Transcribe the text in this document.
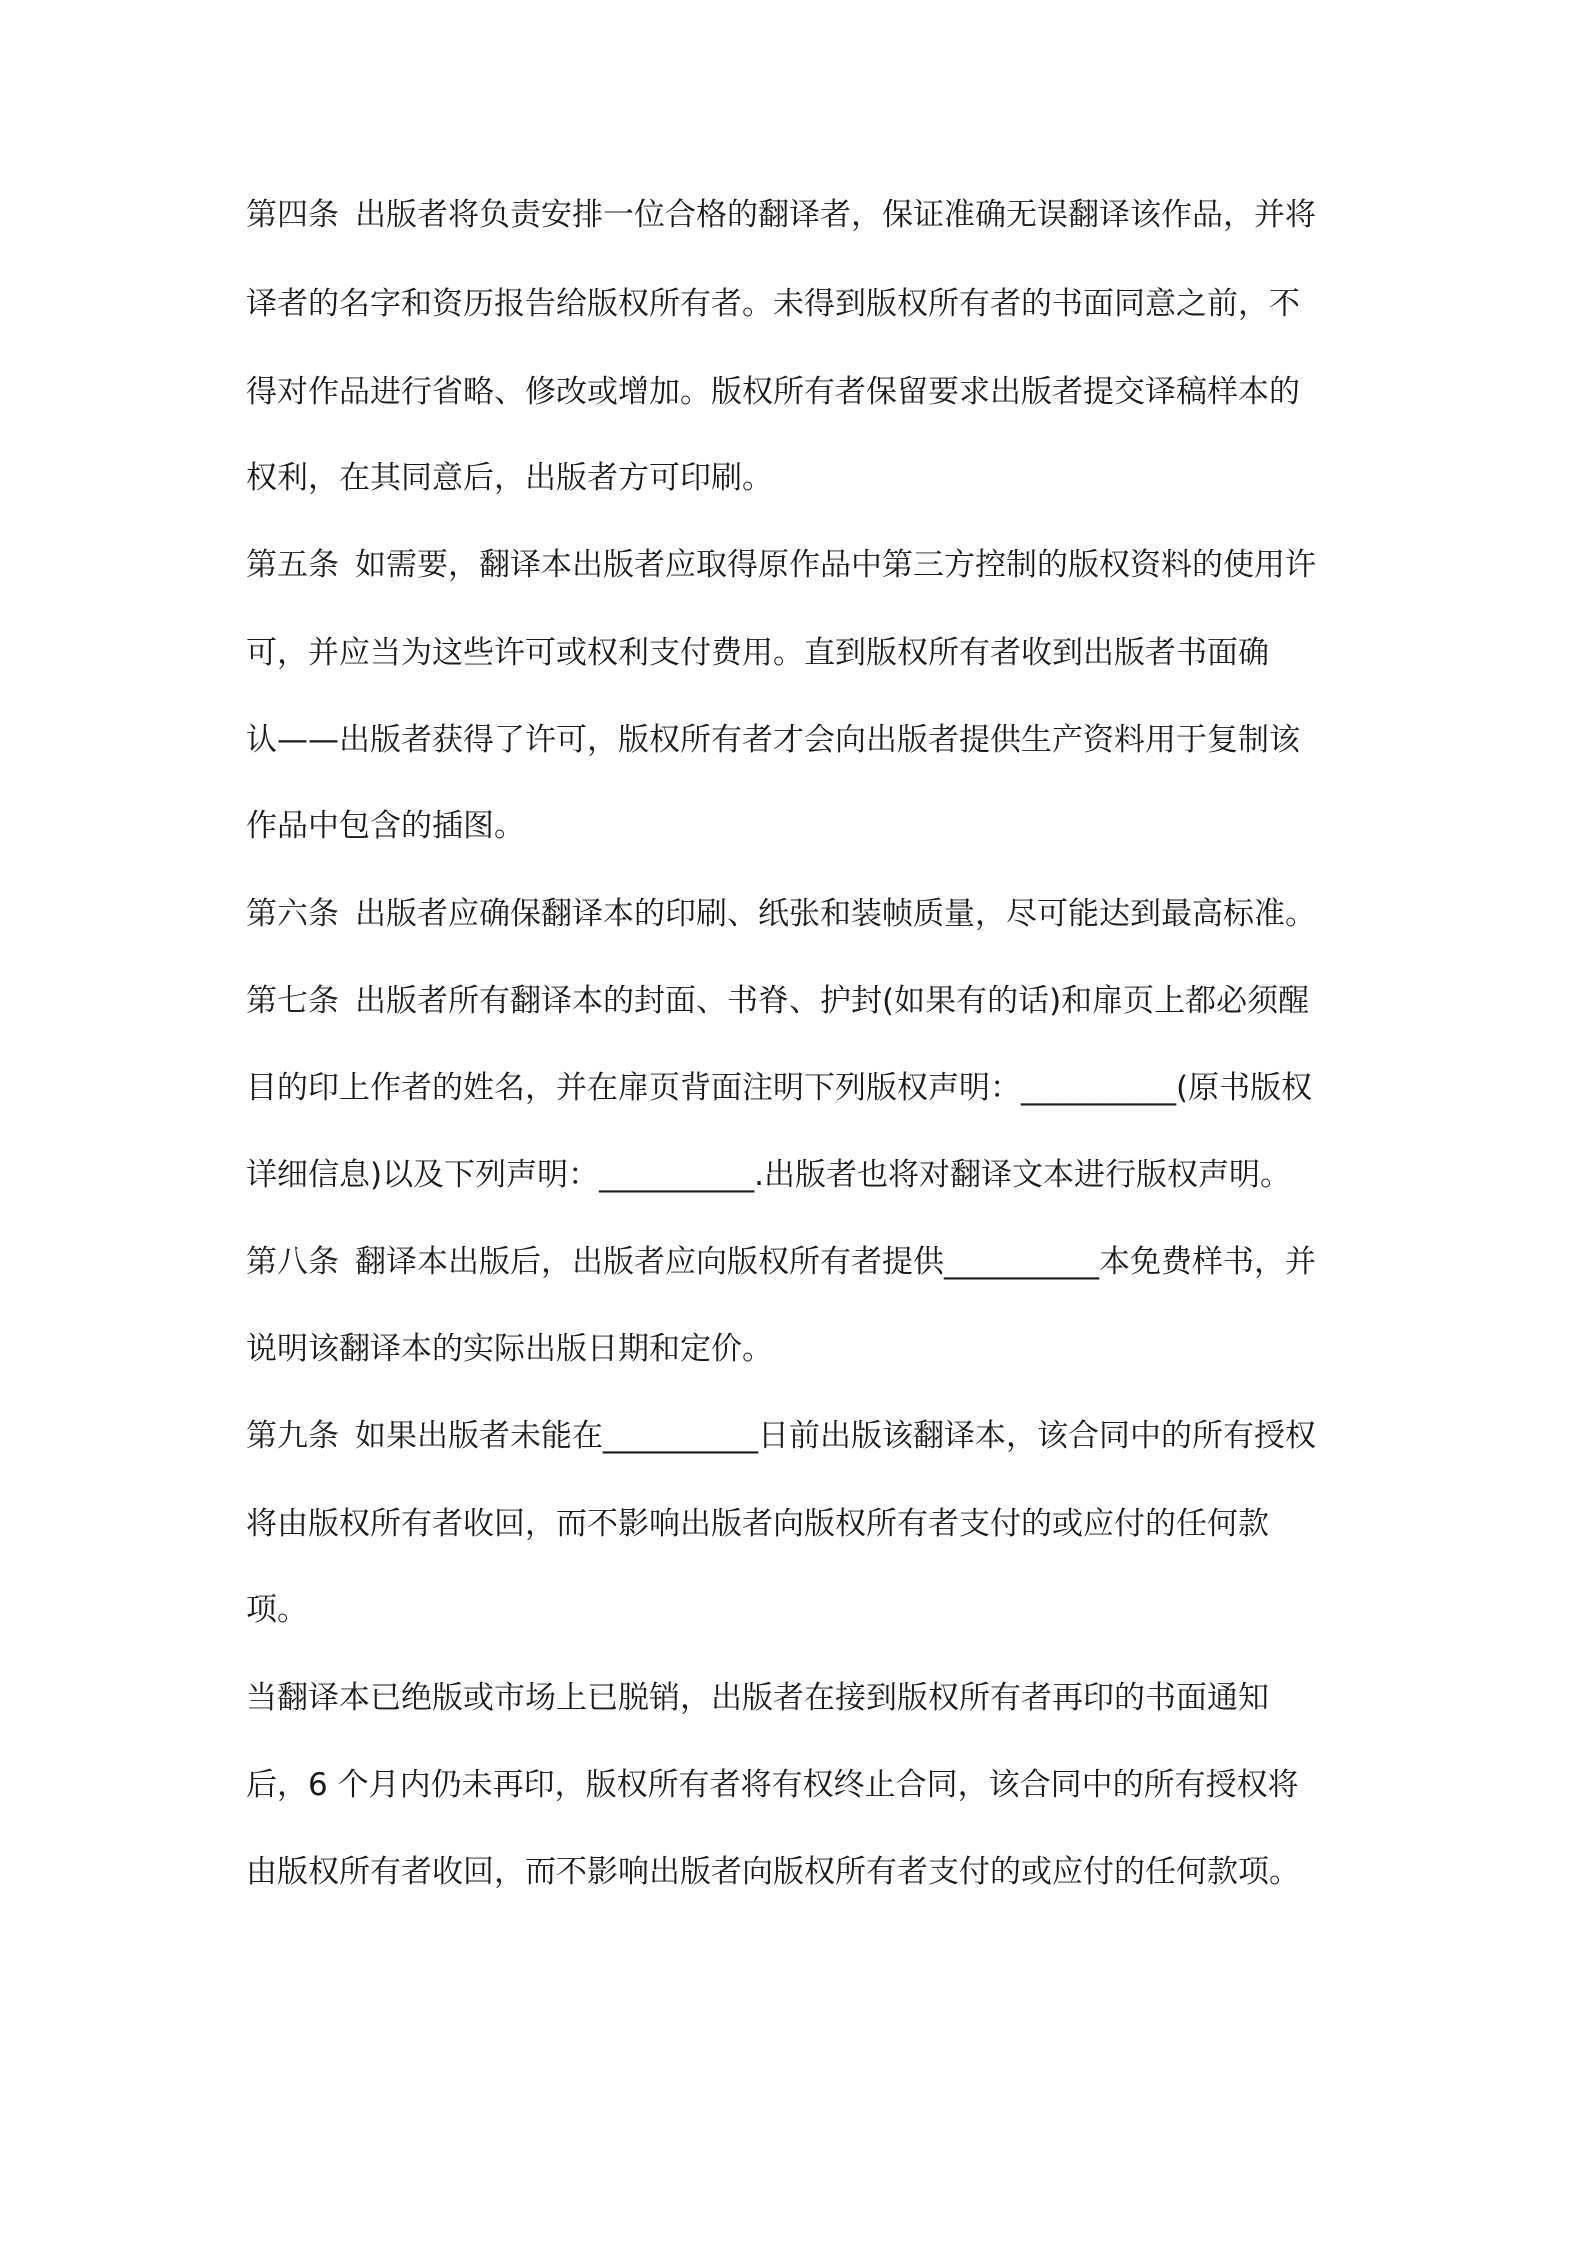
第四条 出版者将负责安排一位合格的翻译者，保证准确无误翻译该作品，并将
译者的名字和资历报告给版权所有者。未得到版权所有者的书面同意之前，不
得对作品进行省略、修改或增加。版权所有者保留要求出版者提交译稿样本的
权利，在其同意后，出版者方可印刷。
第五条 如需要，翻译本出版者应取得原作品中第三方控制的版权资料的使用许
可，并应当为这些许可或权利支付费用。直到版权所有者收到出版者书面确
认——出版者获得了许可，版权所有者才会向出版者提供生产资料用于复制该
作品中包含的插图。
第六条 出版者应确保翻译本的印刷、纸张和装帧质量，尽可能达到最高标准。
第七条 出版者所有翻译本的封面、书脊、护封(如果有的话)和扉页上都必须醒
目的印上作者的姓名，并在扉页背面注明下列版权声明：__________(原书版权
详细信息)以及下列声明：__________.出版者也将对翻译文本进行版权声明。
第八条 翻译本出版后，出版者应向版权所有者提供__________本免费样书，并
说明该翻译本的实际出版日期和定价。
第九条 如果出版者未能在__________日前出版该翻译本，该合同中的所有授权
将由版权所有者收回，而不影响出版者向版权所有者支付的或应付的任何款
项。
当翻译本已绝版或市场上已脱销，出版者在接到版权所有者再印的书面通知
后，6 个月内仍未再印，版权所有者将有权终止合同，该合同中的所有授权将
由版权所有者收回，而不影响出版者向版权所有者支付的或应付的任何款项。
